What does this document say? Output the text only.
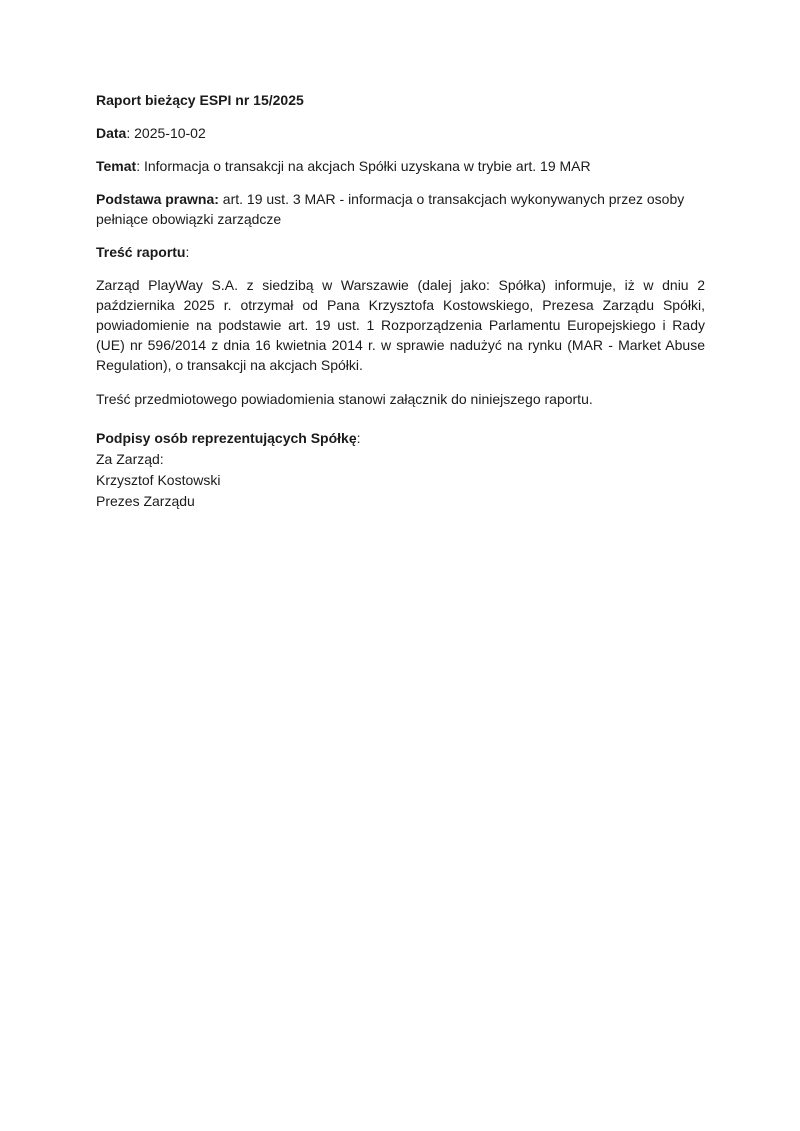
Raport bieżący ESPI nr 15/2025

Data: 2025-10-02

Temat: Informacja o transakcji na akcjach Spółki uzyskana w trybie art. 19 MAR

Podstawa prawna: art. 19 ust. 3 MAR - informacja o transakcjach wykonywanych przez osoby pełniące obowiązki zarządcze

Treść raportu:

Zarząd PlayWay S.A. z siedzibą w Warszawie (dalej jako: Spółka) informuje, iż w dniu 2 października 2025 r. otrzymał od Pana Krzysztofa Kostowskiego, Prezesa Zarządu Spółki, powiadomienie na podstawie art. 19 ust. 1 Rozporządzenia Parlamentu Europejskiego i Rady (UE) nr 596/2014 z dnia 16 kwietnia 2014 r. w sprawie nadużyć na rynku (MAR - Market Abuse Regulation), o transakcji na akcjach Spółki.

Treść przedmiotowego powiadomienia stanowi załącznik do niniejszego raportu.

Podpisy osób reprezentujących Spółkę:
Za Zarząd:
Krzysztof Kostowski
Prezes Zarządu
